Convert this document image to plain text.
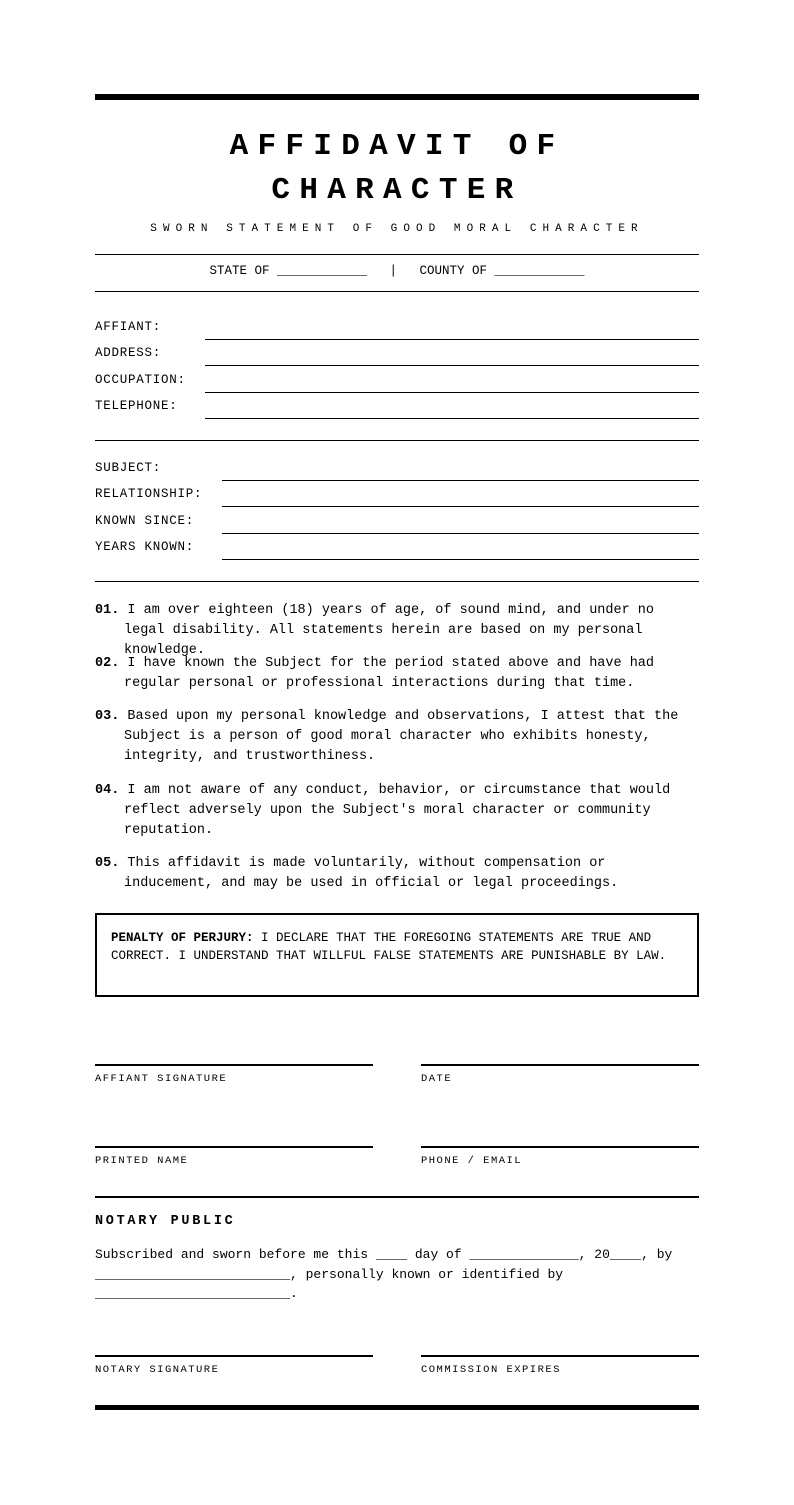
AFFIDAVIT OF
CHARACTER
SWORN STATEMENT OF GOOD MORAL CHARACTER
STATE OF ____________   |   COUNTY OF ____________
AFFIANT:
ADDRESS:
OCCUPATION:
TELEPHONE:
SUBJECT:
RELATIONSHIP:
KNOWN SINCE:
YEARS KNOWN:
01. I am over eighteen (18) years of age, of sound mind, and under no legal disability. All statements herein are based on my personal knowledge.
02. I have known the Subject for the period stated above and have had regular personal or professional interactions during that time.
03. Based upon my personal knowledge and observations, I attest that the Subject is a person of good moral character who exhibits honesty, integrity, and trustworthiness.
04. I am not aware of any conduct, behavior, or circumstance that would reflect adversely upon the Subject's moral character or community reputation.
05. This affidavit is made voluntarily, without compensation or inducement, and may be used in official or legal proceedings.
PENALTY OF PERJURY: I DECLARE THAT THE FOREGOING STATEMENTS ARE TRUE AND CORRECT. I UNDERSTAND THAT WILLFUL FALSE STATEMENTS ARE PUNISHABLE BY LAW.
AFFIANT SIGNATURE	DATE
PRINTED NAME	PHONE / EMAIL
NOTARY PUBLIC
Subscribed and sworn before me this ____ day of ______________, 20____, by _________________________, personally known or identified by _________________________.
NOTARY SIGNATURE	COMMISSION EXPIRES
